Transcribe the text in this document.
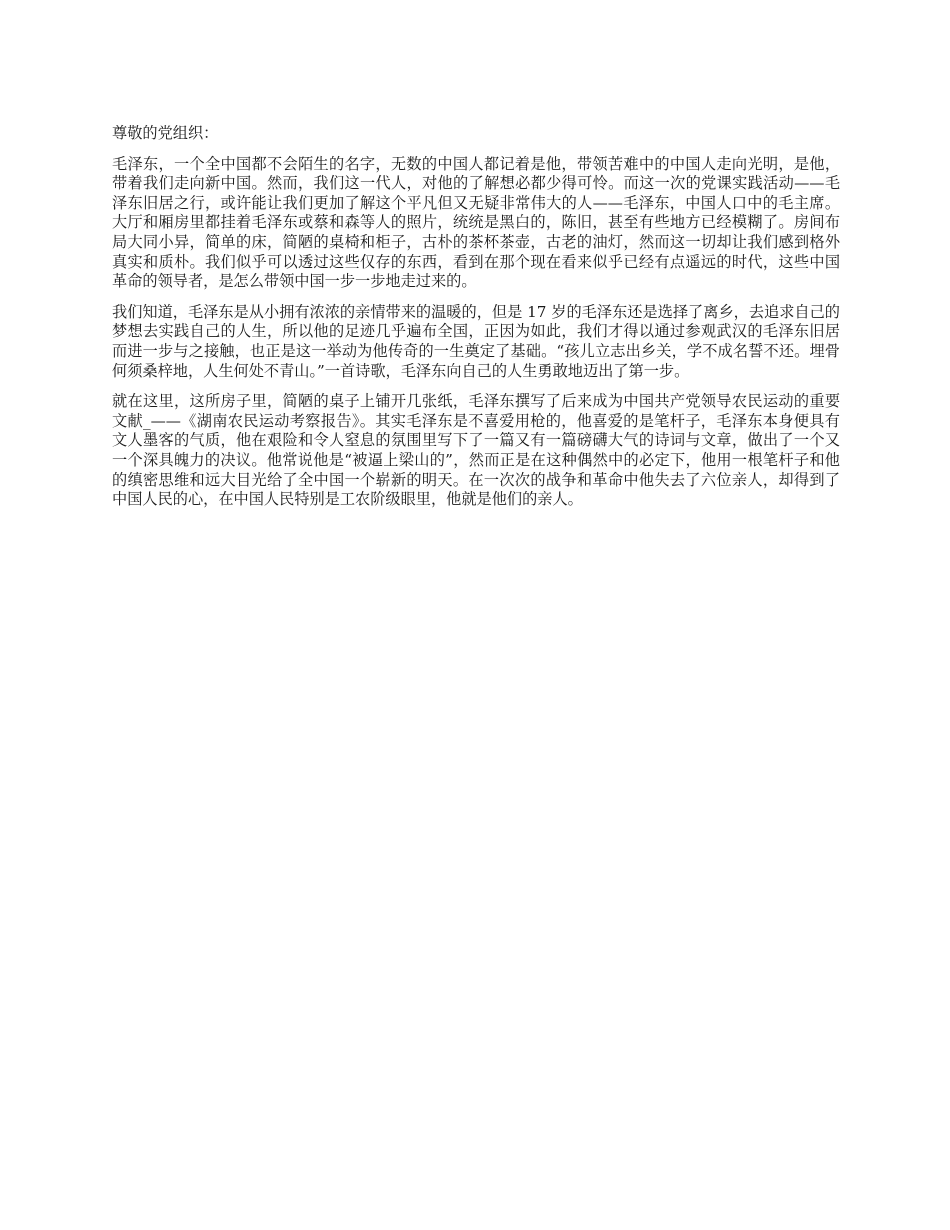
尊敬的党组织：

毛泽东，一个全中国都不会陌生的名字，无数的中国人都记着是他，带领苦难中的中国人走向光明，是他，带着我们走向新中国。然而，我们这一代人，对他的了解想必都少得可怜。而这一次的党课实践活动——毛泽东旧居之行，或许能让我们更加了解这个平凡但又无疑非常伟大的人——毛泽东，中国人口中的毛主席。 大厅和厢房里都挂着毛泽东或蔡和森等人的照片，统统是黑白的，陈旧，甚至有些地方已经模糊了。房间布局大同小异，简单的床，简陋的桌椅和柜子，古朴的茶杯茶壶，古老的油灯，然而这一切却让我们感到格外真实和质朴。我们似乎可以透过这些仅存的东西，看到在那个现在看来似乎已经有点遥远的时代，这些中国革命的领导者，是怎么带领中国一步一步地走过来的。

我们知道，毛泽东是从小拥有浓浓的亲情带来的温暖的，但是 17 岁的毛泽东还是选择了离乡，去追求自己的梦想去实践自己的人生，所以他的足迹几乎遍布全国，正因为如此，我们才得以通过参观武汉的毛泽东旧居而进一步与之接触，也正是这一举动为他传奇的一生奠定了基础。“孩儿立志出乡关，学不成名誓不还。埋骨何须桑梓地，人生何处不青山。”一首诗歌，毛泽东向自己的人生勇敢地迈出了第一步。

就在这里，这所房子里，简陋的桌子上铺开几张纸，毛泽东撰写了后来成为中国共产党领导农民运动的重要文献_——《湖南农民运动考察报告》。其实毛泽东是不喜爱用枪的，他喜爱的是笔杆子，毛泽东本身便具有文人墨客的气质，他在艰险和令人窒息的氛围里写下了一篇又有一篇磅礴大气的诗词与文章，做出了一个又一个深具魄力的决议。他常说他是“被逼上梁山的”，然而正是在这种偶然中的必定下，他用一根笔杆子和他的缜密思维和远大目光给了全中国一个崭新的明天。在一次次的战争和革命中他失去了六位亲人，却得到了中国人民的心，在中国人民特别是工农阶级眼里，他就是他们的亲人。
